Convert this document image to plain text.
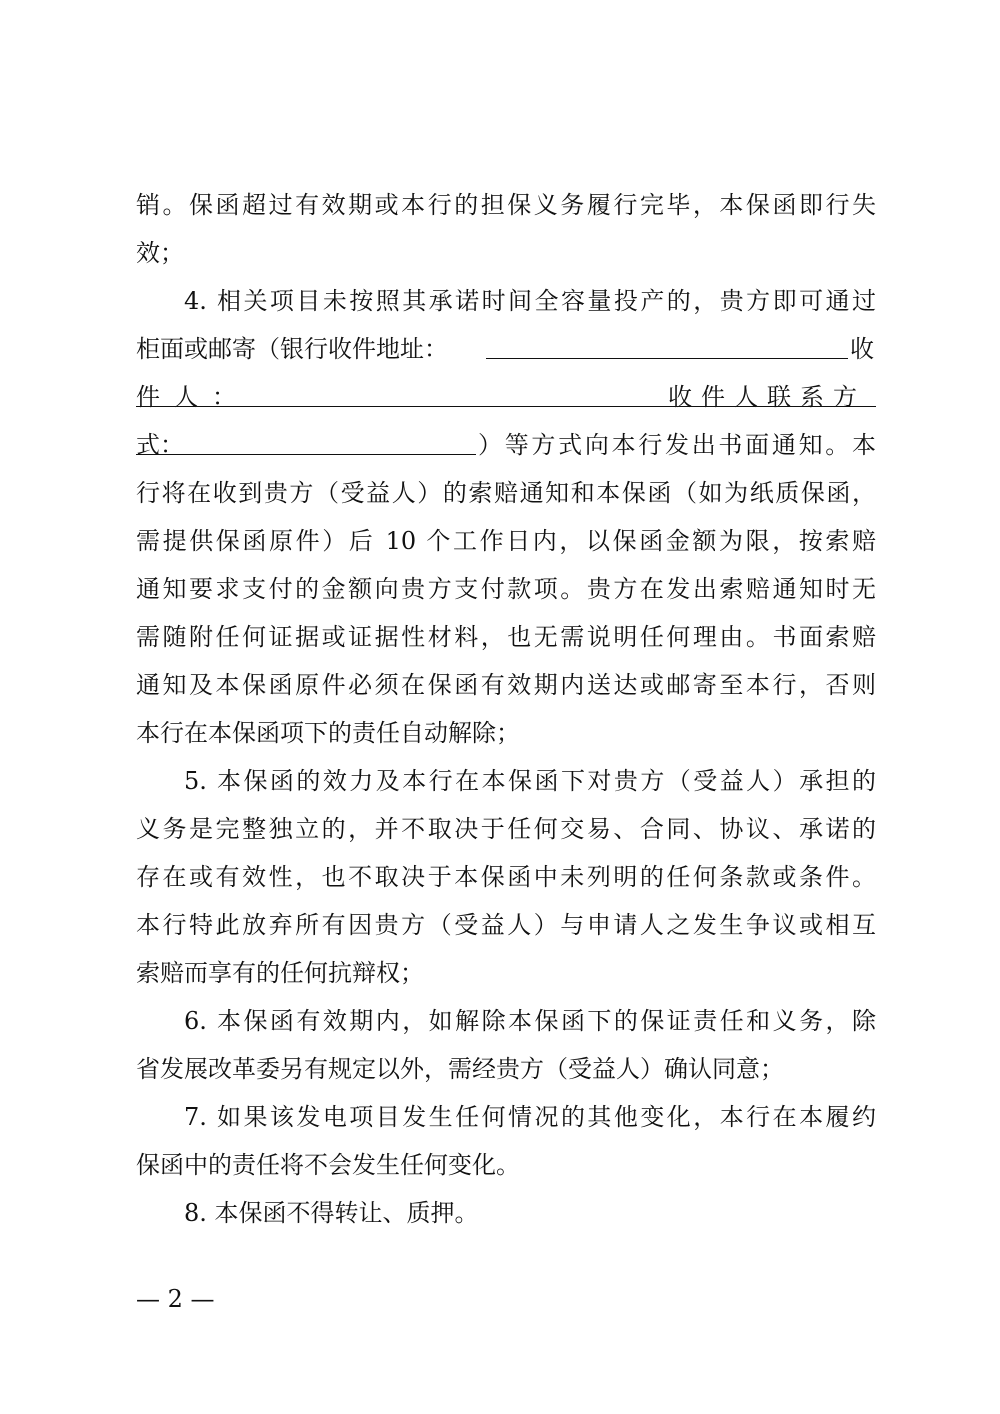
销。保函超过有效期或本行的担保义务履行完毕，本保函即行失
效；
4. 相关项目未按照其承诺时间全容量投产的，贵方即可通过
柜面或邮寄（银行收件地址：	收
件人：	收件人联系方
式：	）等方式向本行发出书面通知。本
行将在收到贵方（受益人）的索赔通知和本保函（如为纸质保函，
需提供保函原件）后 10 个工作日内，以保函金额为限，按索赔
通知要求支付的金额向贵方支付款项。贵方在发出索赔通知时无
需随附任何证据或证据性材料，也无需说明任何理由。书面索赔
通知及本保函原件必须在保函有效期内送达或邮寄至本行，否则
本行在本保函项下的责任自动解除；
5. 本保函的效力及本行在本保函下对贵方（受益人）承担的
义务是完整独立的，并不取决于任何交易、合同、协议、承诺的
存在或有效性，也不取决于本保函中未列明的任何条款或条件。
本行特此放弃所有因贵方（受益人）与申请人之发生争议或相互
索赔而享有的任何抗辩权；
6. 本保函有效期内，如解除本保函下的保证责任和义务，除
省发展改革委另有规定以外，需经贵方（受益人）确认同意；
7. 如果该发电项目发生任何情况的其他变化，本行在本履约
保函中的责任将不会发生任何变化。
8. 本保函不得转让、质押。
— 2 —
